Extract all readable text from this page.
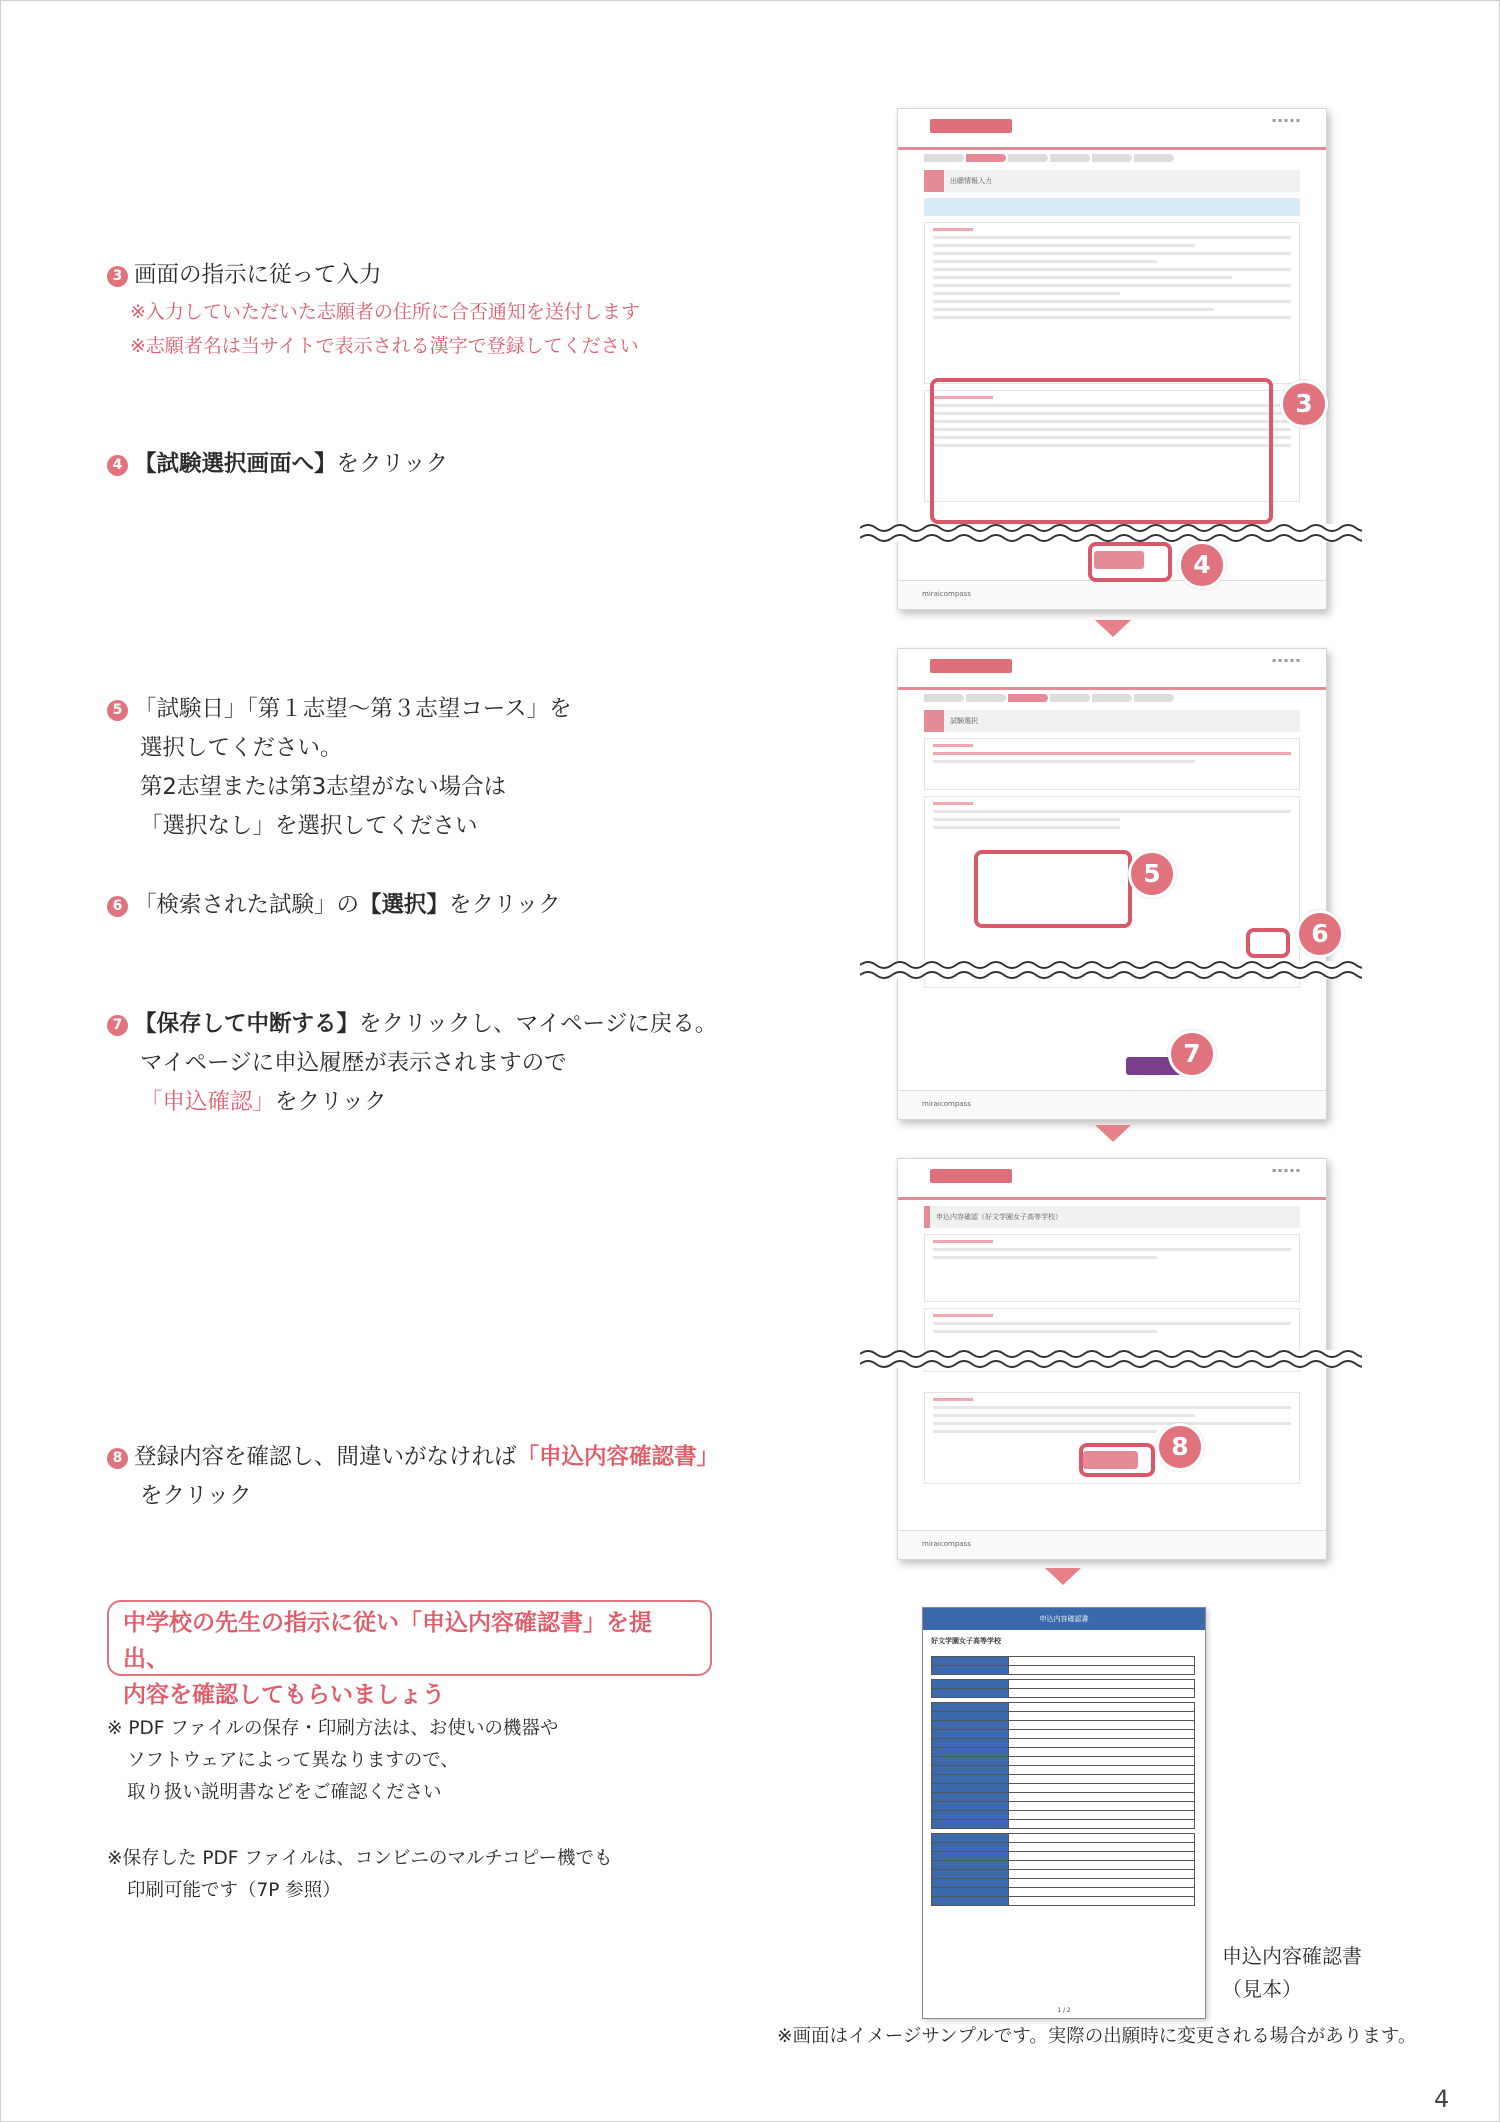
3 画面の指示に従って入力
※入力していただいた志願者の住所に合否通知を送付します
※志願者名は当サイトで表示される漢字で登録してください
4 【試験選択画面へ】をクリック
5 「試験日」「第１志望～第３志望コース」を
選択してください。
第2志望または第3志望がない場合は
「選択なし」を選択してください
6 「検索された試験」の【選択】をクリック
7 【保存して中断する】をクリックし、マイページに戻る。
マイページに申込履歴が表示されますので
「申込確認」をクリック
8 登録内容を確認し、間違いがなければ「申込内容確認書」
をクリック
中学校の先生の指示に従い「申込内容確認書」を提出、
内容を確認してもらいましょう
※ PDF ファイルの保存・印刷方法は、お使いの機器や
ソフトウェアによって異なりますので、
取り扱い説明書などをご確認ください
※保存した PDF ファイルは、コンビニのマルチコピー機でも
印刷可能です（7P 参照）
▪ ▪ ▪ ▪ ▪
出願情報入力
miraicompass
3
4
▪ ▪ ▪ ▪ ▪
試験選択
miraicompass
5
6
7
▪ ▪ ▪ ▪ ▪
申込内容確認（好文学園女子高等学校）
miraicompass
8
申込内容確認書
好文学園女子高等学校

1 / 2
申込内容確認書
（見本）
※画面はイメージサンプルです。実際の出願時に変更される場合があります。
4
